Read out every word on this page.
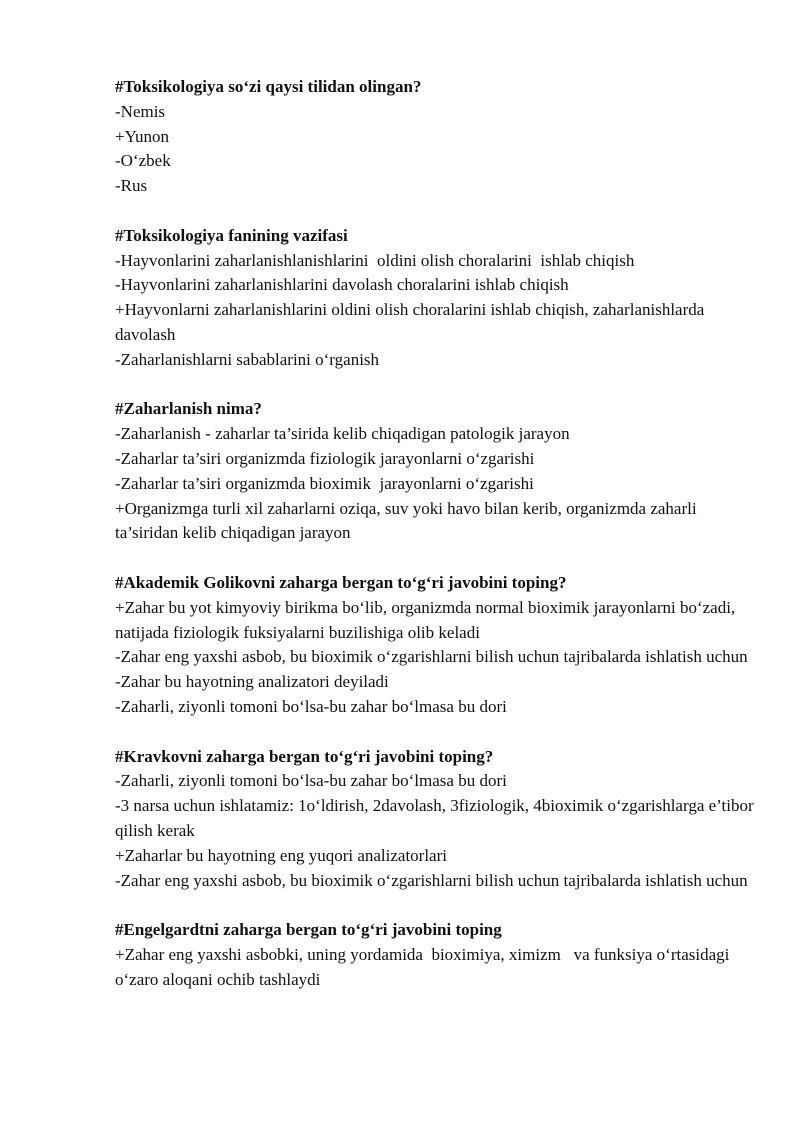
#Toksikologiya so‘zi qaysi tilidan olingan?

-Nemis

+Yunon

-O‘zbek

-Rus

#Toksikologiya fanining vazifasi

-Hayvonlarini zaharlanishlanishlarini  oldini olish choralarini  ishlab chiqish

-Hayvonlarini zaharlanishlarini davolash choralarini ishlab chiqish

+Hayvonlarni zaharlanishlarini oldini olish choralarini ishlab chiqish, zaharlanishlarda davolash

-Zaharlanishlarni sabablarini o‘rganish

#Zaharlanish nima?

-Zaharlanish - zaharlar ta’sirida kelib chiqadigan patologik jarayon

-Zaharlar ta’siri organizmda fiziologik jarayonlarni o‘zgarishi

-Zaharlar ta’siri organizmda bioximik  jarayonlarni o‘zgarishi

+Organizmga turli xil zaharlarni oziqa, suv yoki havo bilan kerib, organizmda zaharli ta’siridan kelib chiqadigan jarayon

#Akademik Golikovni zaharga bergan to‘g‘ri javobini toping?

+Zahar bu yot kimyoviy birikma bo‘lib, organizmda normal bioximik jarayonlarni bo‘zadi, natijada fiziologik fuksiyalarni buzilishiga olib keladi

-Zahar eng yaxshi asbob, bu bioximik o‘zgarishlarni bilish uchun tajribalarda ishlatish uchun

-Zahar bu hayotning analizatori deyiladi

-Zaharli, ziyonli tomoni bo‘lsa-bu zahar bo‘lmasa bu dori

#Kravkovni zaharga bergan to‘g‘ri javobini toping?

-Zaharli, ziyonli tomoni bo‘lsa-bu zahar bo‘lmasa bu dori

-3 narsa uchun ishlatamiz: 1o‘ldirish, 2davolash, 3fiziologik, 4bioximik o‘zgarishlarga e’tibor qilish kerak

+Zaharlar bu hayotning eng yuqori analizatorlari

-Zahar eng yaxshi asbob, bu bioximik o‘zgarishlarni bilish uchun tajribalarda ishlatish uchun

#Engelgardtni zaharga bergan to‘g‘ri javobini toping

+Zahar eng yaxshi asbobki, uning yordamida  bioximiya, ximizm   va funksiya o‘rtasidagi o‘zaro aloqani ochib tashlaydi
